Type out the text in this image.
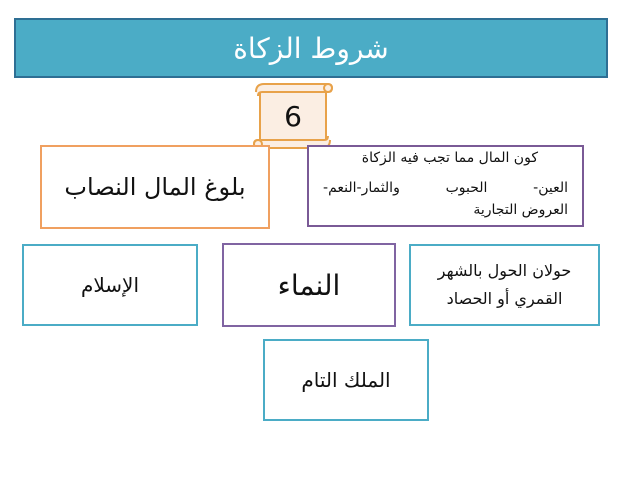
شروط الزكاة
6
بلوغ المال النصاب
كون المال مما تجب فيه الزكاة
العين-
الحبوب
والثمار-النعم-
العروض التجارية
الإسلام	النماء	حولان الحول بالشهر
القمري أو الحصاد
الملك التام
